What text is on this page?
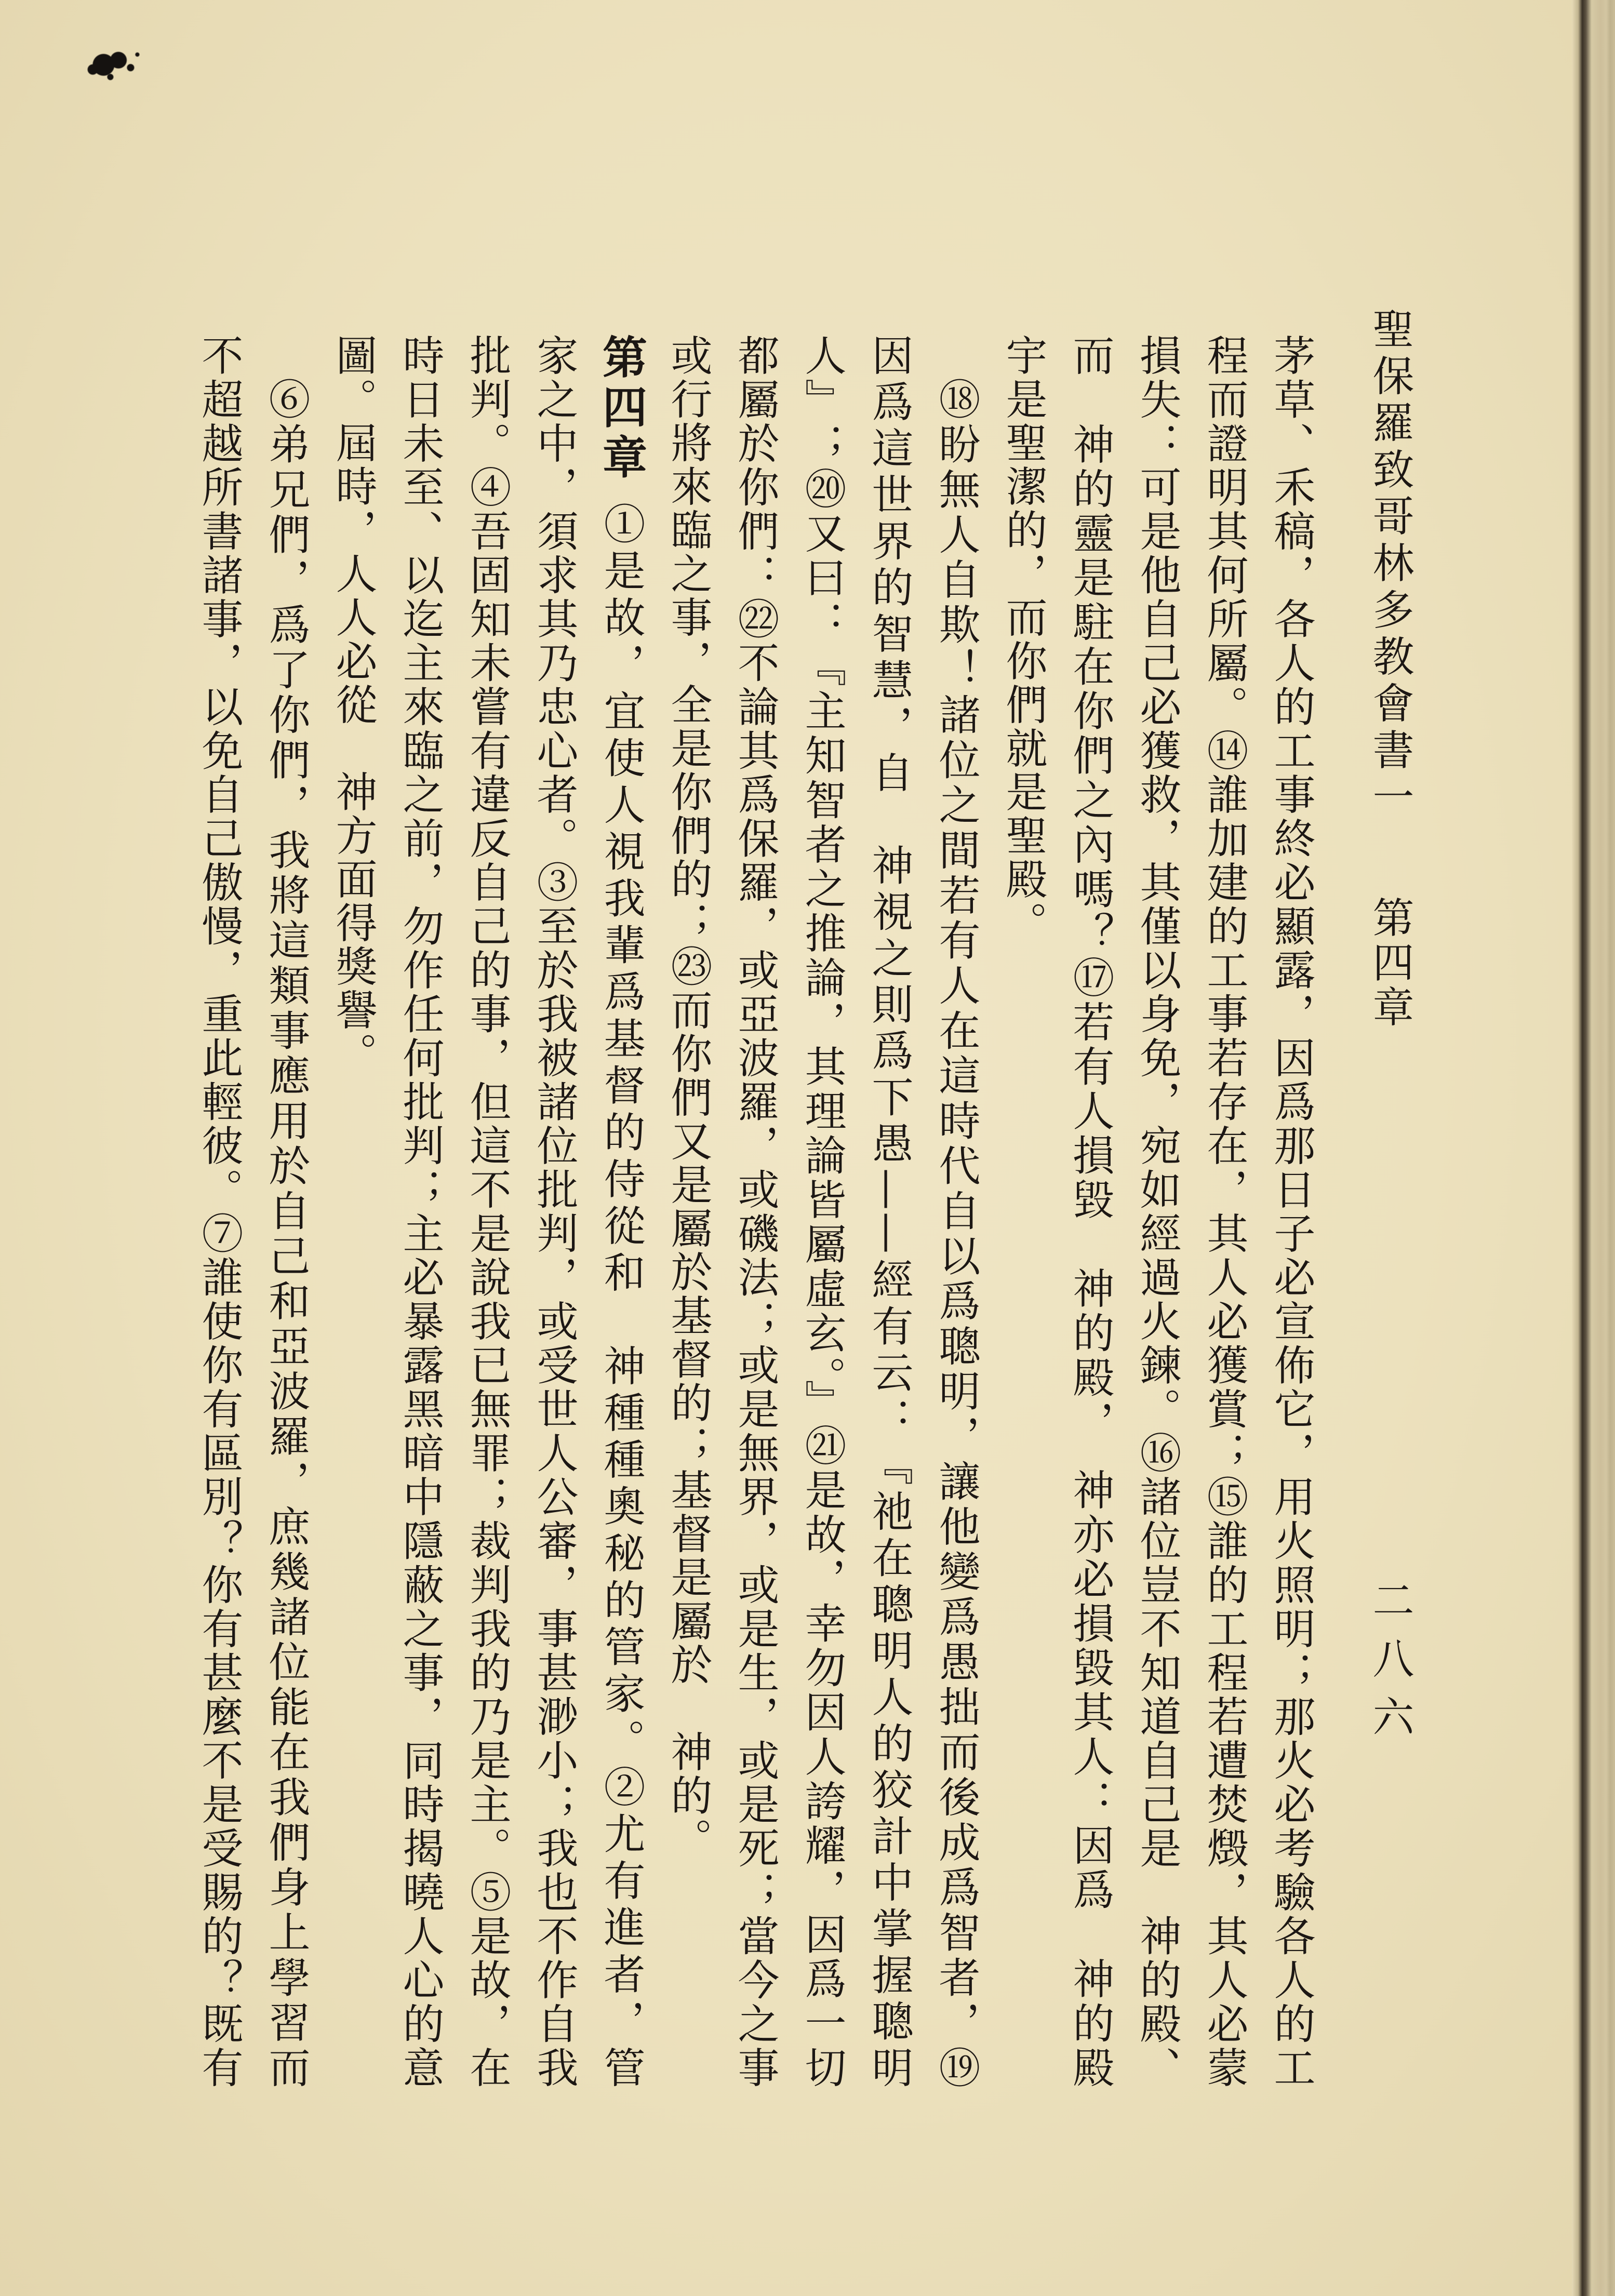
聖保羅致哥林多教會書一
第四章
二八六
茅草、禾稿，各人的工事終必顯露，因爲那日子必宣佈它，用火照明；那火必考驗各人的工
程而證明其何所屬。⑭誰加建的工事若存在，其人必獲賞；⑮誰的工程若遭焚燬，其人必蒙
損失：可是他自己必獲救，其僅以身免，宛如經過火鍊。⑯諸位豈不知道自己是　神的殿、
而　神的靈是駐在你們之內嗎？⑰若有人損毀　神的殿，　神亦必損毀其人：因爲　神的殿
宇是聖潔的，而你們就是聖殿。
⑱盼無人自欺！諸位之間若有人在這時代自以爲聰明，讓他變爲愚拙而後成爲智者，⑲
因爲這世界的智慧，自　神視之則爲下愚——經有云：『祂在聰明人的狡計中掌握聰明
人』；⑳又曰：『主知智者之推論，其理論皆屬虛玄。』㉑是故，幸勿因人誇耀，因爲一切
都屬於你們：㉒不論其爲保羅，或亞波羅，或磯法；或是無界，或是生，或是死；當今之事
或行將來臨之事，全是你們的；㉓而你們又是屬於基督的；基督是屬於　神的。
第四章①是故，宜使人視我輩爲基督的侍從和　神種種奧秘的管家。②尤有進者，管
家之中，須求其乃忠心者。③至於我被諸位批判，或受世人公審，事甚渺小；我也不作自我
批判。④吾固知未嘗有違反自己的事，但這不是說我已無罪；裁判我的乃是主。⑤是故，在
時日未至、以迄主來臨之前，勿作任何批判；主必暴露黑暗中隱蔽之事，同時揭曉人心的意
圖。屆時，人人必從　神方面得獎譽。
⑥弟兄們，爲了你們，我將這類事應用於自己和亞波羅，庶幾諸位能在我們身上學習而
不超越所書諸事，以免自己傲慢，重此輕彼。⑦誰使你有區別？你有甚麼不是受賜的？既有
